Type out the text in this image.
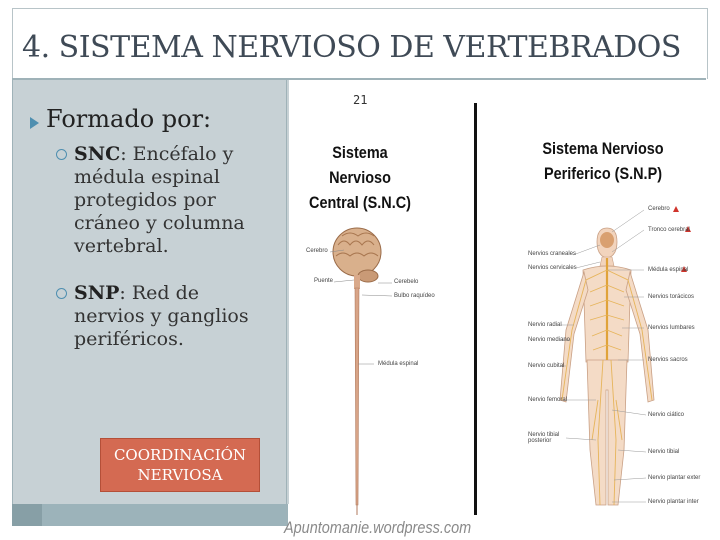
4. SISTEMA NERVIOSO DE VERTEBRADOS
Formado por:
SNC: Encéfalo y médula espinal protegidos por cráneo y columna vertebral.
SNP: Red de nervios y ganglios periféricos.
COORDINACIÓN
NERVIOSA
21
Sistema Nervioso
Central (S.N.C)
Sistema Nervioso
Periferico (S.N.P)
Cerebro
Puente	Cerebelo
Bulbo raquídeo
Médula espinal
Nervios craneales
Nervios cervicales
Nervio radial
Nervio mediano
Nervio cubital
Nervio femoral
Nervio tibial posterior
Cerebro
Tronco cerebral
Médula espinal
Nervios torácicos
Nervios lumbares
Nervios sacros
Nervio ciático
Nervio tibial
Nervio plantar exter
Nervio plantar inter
Apuntomanie.wordpress.com
